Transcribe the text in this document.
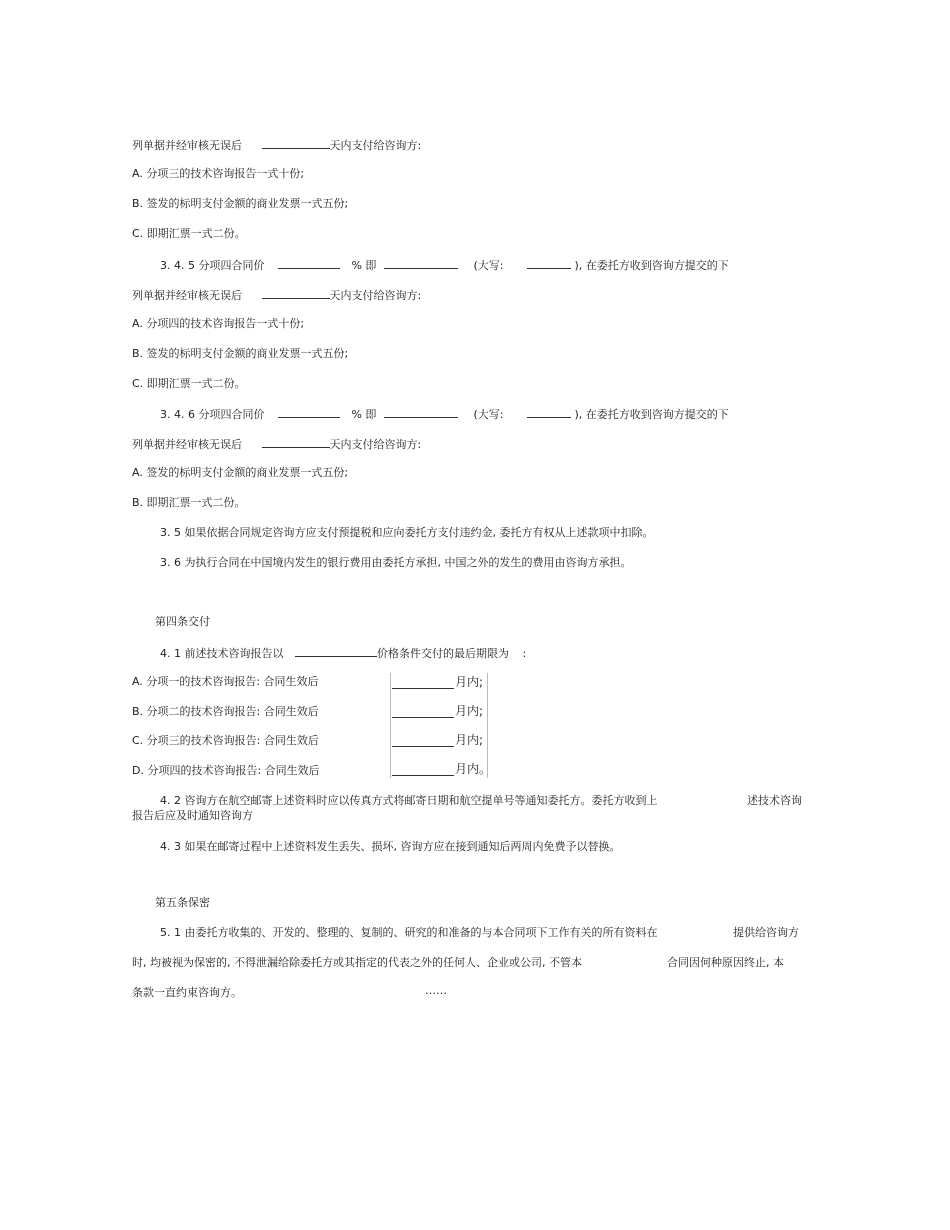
列单据并经审核无误后	天内支付给咨询方:
A. 分项三的技术咨询报告一式十份;
B. 签发的标明支付金额的商业发票一式五份;
C. 即期汇票一式二份。
3. 4. 5 分项四合同价	% 即	(大写:	), 在委托方收到咨询方提交的下
列单据并经审核无误后	天内支付给咨询方:
A. 分项四的技术咨询报告一式十份;
B. 签发的标明支付金额的商业发票一式五份;
C. 即期汇票一式二份。
3. 4. 6 分项四合同价	% 即	(大写:	), 在委托方收到咨询方提交的下
列单据并经审核无误后	天内支付给咨询方:
A. 签发的标明支付金额的商业发票一式五份;
B. 即期汇票一式二份。
3. 5 如果依据合同规定咨询方应支付预提税和应向委托方支付违约金, 委托方有权从上述款项中扣除。
3. 6 为执行合同在中国境内发生的银行费用由委托方承担, 中国之外的发生的费用由咨询方承担。
第四条交付
4. 1 前述技术咨询报告以	价格条件交付的最后期限为 :
A. 分项一的技术咨询报告: 合同生效后	月内;
B. 分项二的技术咨询报告: 合同生效后	月内;
C. 分项三的技术咨询报告: 合同生效后	月内;
D. 分项四的技术咨询报告: 合同生效后	月内。
4. 2 咨询方在航空邮寄上述资料时应以传真方式将邮寄日期和航空提单号等通知委托方。委托方收到上	述技术咨询
报告后应及时通知咨询方
4. 3 如果在邮寄过程中上述资料发生丢失、损坏, 咨询方应在接到通知后两周内免费予以替换。
第五条保密
5. 1 由委托方收集的、开发的、整理的、复制的、研究的和准备的与本合同项下工作有关的所有资料在	提供给咨询方
时, 均被视为保密的, 不得泄漏给除委托方或其指定的代表之外的任何人、企业或公司, 不管本	合同因何种原因终止, 本
条款一直约束咨询方。	……
